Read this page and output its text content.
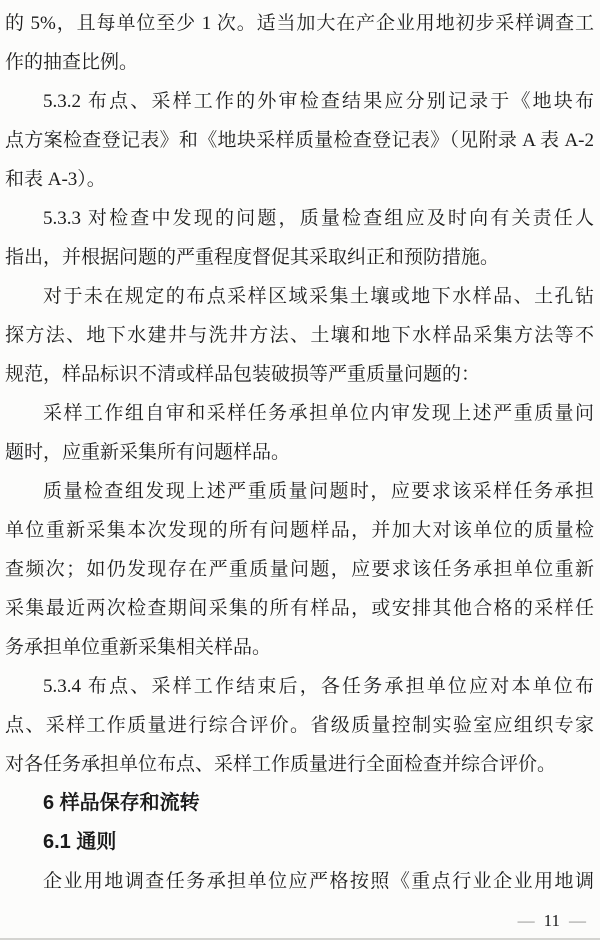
的 5%，且每单位至少 1 次。适当加大在产企业用地初步采样调查工
作的抽查比例。
5.3.2 布点、采样工作的外审检查结果应分别记录于《地块布
点方案检查登记表》和《地块采样质量检查登记表》（见附录 A 表 A-2
和表 A-3）。
5.3.3 对检查中发现的问题，质量检查组应及时向有关责任人
指出，并根据问题的严重程度督促其采取纠正和预防措施。
对于未在规定的布点采样区域采集土壤或地下水样品、土孔钻
探方法、地下水建井与洗井方法、土壤和地下水样品采集方法等不
规范，样品标识不清或样品包装破损等严重质量问题的：
采样工作组自审和采样任务承担单位内审发现上述严重质量问
题时，应重新采集所有问题样品。
质量检查组发现上述严重质量问题时，应要求该采样任务承担
单位重新采集本次发现的所有问题样品，并加大对该单位的质量检
查频次；如仍发现存在严重质量问题，应要求该任务承担单位重新
采集最近两次检查期间采集的所有样品，或安排其他合格的采样任
务承担单位重新采集相关样品。
5.3.4 布点、采样工作结束后，各任务承担单位应对本单位布
点、采样工作质量进行综合评价。省级质量控制实验室应组织专家
对各任务承担单位布点、采样工作质量进行全面检查并综合评价。
6 样品保存和流转
6.1 通则
企业用地调查任务承担单位应严格按照《重点行业企业用地调
— 11 —
